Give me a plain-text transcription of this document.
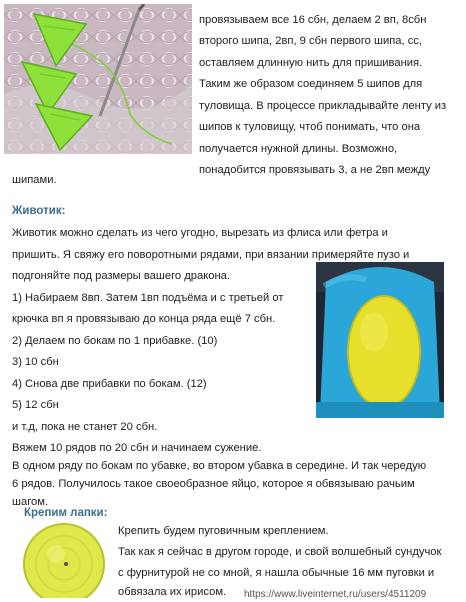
провязываем все 16 сбн, делаем 2 вп, 8сбн
второго шипа, 2вп, 9 сбн первого шипа, сс,
оставляем длинную нить для пришивания.
Таким же образом соединяем 5 шипов для
туловища. В процессе прикладывайте ленту из
шипов к туловищу, чтоб понимать, что она
получается нужной длины. Возможно,
понадобится провязывать 3, а не 2вп между
шипами.
Животик:
Животик можно сделать из чего угодно, вырезать из флиса или фетра и
пришить. Я свяжу его поворотными рядами, при вязании примеряйте пузо и
подгоняйте под размеры вашего дракона.
1) Набираем 8вп. Затем 1вп подъёма и с третьей от
крючка вп я провязываю до конца ряда ещё 7 сбн.
2) Делаем по бокам по 1 прибавке. (10)
3) 10 сбн
4) Снова две прибавки по бокам. (12)
5) 12 сбн
и т.д, пока не станет 20 сбн.
Вяжем 10 рядов по 20 сбн и начинаем сужение.
В одном ряду по бокам по убавке, во втором убавка в середине. И так чередую
6 рядов. Получилось такое своеобразное яйцо, которое я обвязываю рачьим
шагом.
Крепим лапки:
Крепить будем пуговичным креплением.
Так как я сейчас в другом городе, и свой волшебный сундучок
с фурнитурой не со мной, я нашла обычные 16 мм пуговки и
обвязала их ирисом. https://www.liveinternet.ru/users/4511209
